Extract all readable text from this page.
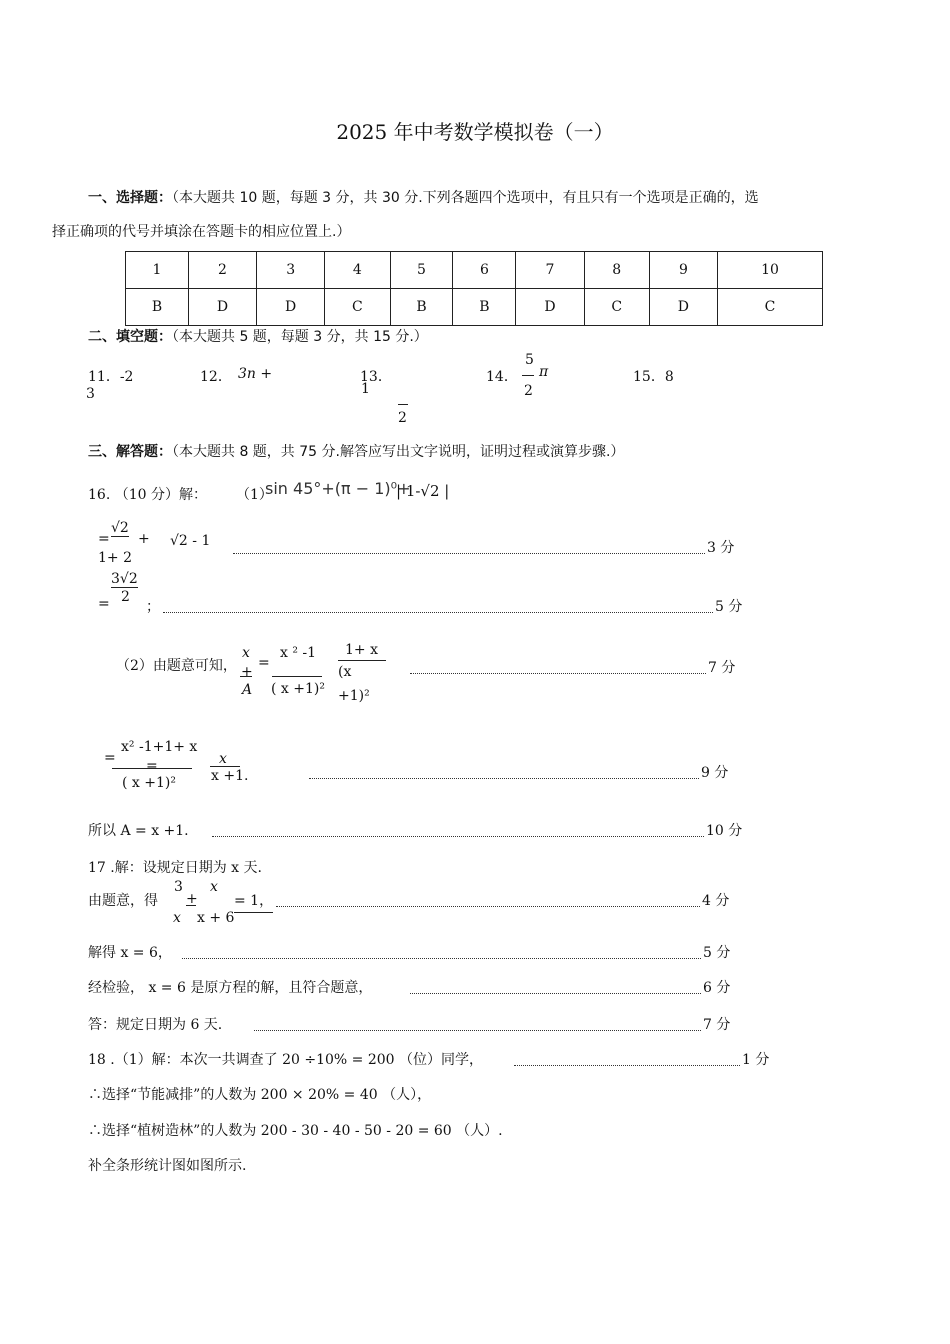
2025 年中考数学模拟卷（一）
一、选择题：（本大题共 10 题，每题 3 分，共 30 分.下列各题四个选项中，有且只有一个选项是正确的，选
择正确项的代号并填涂在答题卡的相应位置上.）
1	2	3	4	5	6	7	8	9	10
B	D	D	C	B	B	D	C	D	C
二、填空题：（本大题共 5 题，每题 3 分，共 15 分.）
11．-2
3
12． 3n +	13．
1
2
14．
5
2
π	15．8
三、解答题：（本大题共 8 题，共 75 分.解答应写出文字说明，证明过程或演算步骤.）
16. （10 分）解： （1）
sin 45°+(π − 1)⁰+
| 1-√2 |
=
√2
1+ 2
+ √2 - 1	3 分
=
3√2
2
；	5 分
（2）由题意可知，
x
+
A
=
x ² -1
( x +1)²
1+ x
(x
+1)²
7 分
=
x² -1+1+ x
=
( x +1)²
x
x +1.	9 分
所以 A = x +1.	10 分
17 .解：设规定日期为 x 天.
由题意，得
3
x
+
x
x + 6
= 1，	4 分
解得 x = 6，	5 分
经检验， x = 6 是原方程的解，且符合题意，	6 分
答：规定日期为 6 天.	7 分
18 .（1）解：本次一共调查了 20 ÷10% = 200 （位）同学，	1 分
∴选择“节能减排”的人数为 200 × 20% = 40 （人），
∴选择“植树造林”的人数为 200 - 30 - 40 - 50 - 20 = 60 （人）.
补全条形统计图如图所示.
